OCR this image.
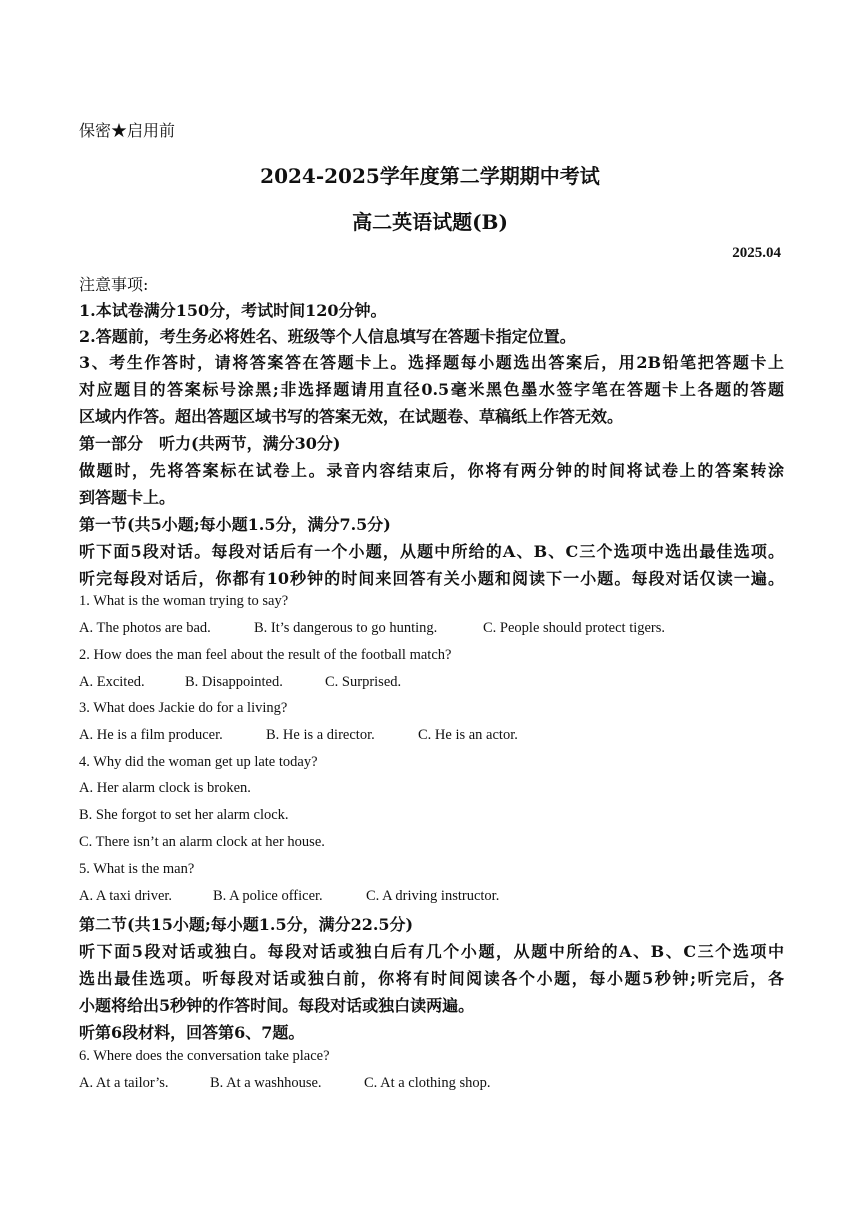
保密★启用前
2024-2025学年度第二学期期中考试
高二英语试题(B)
2025.04
注意事项:
1.本试卷满分150分，考试时间120分钟。
2.答题前，考生务必将姓名、班级等个人信息填写在答题卡指定位置。
3、考生作答时，请将答案答在答题卡上。选择题每小题选出答案后，用2B铅笔把答题卡上
对应题目的答案标号涂黑;非选择题请用直径0.5毫米黑色墨水签字笔在答题卡上各题的答题
区域内作答。超出答题区域书写的答案无效，在试题卷、草稿纸上作答无效。
第一部分　听力(共两节，满分30分)
做题时，先将答案标在试卷上。录音内容结束后，你将有两分钟的时间将试卷上的答案转涂
到答题卡上。
第一节(共5小题;每小题1.5分，满分7.5分)
听下面5段对话。每段对话后有一个小题，从题中所给的A、B、C三个选项中选出最佳选项。
听完每段对话后，你都有10秒钟的时间来回答有关小题和阅读下一小题。每段对话仅读一遍。
1. What is the woman trying to say?
A. The photos are bad.	B. It’s dangerous to go hunting.	C. People should protect tigers.
2. How does the man feel about the result of the football match?
A. Excited.	B. Disappointed.	C. Surprised.
3. What does Jackie do for a living?
A. He is a film producer.	B. He is a director.	C. He is an actor.
4. Why did the woman get up late today?
A. Her alarm clock is broken.
B. She forgot to set her alarm clock.
C. There isn’t an alarm clock at her house.
5. What is the man?
A. A taxi driver.	B. A police officer.	C. A driving instructor.
第二节(共15小题;每小题1.5分，满分22.5分)
听下面5段对话或独白。每段对话或独白后有几个小题，从题中所给的A、B、C三个选项中
选出最佳选项。听每段对话或独白前，你将有时间阅读各个小题，每小题5秒钟;听完后，各
小题将给出5秒钟的作答时间。每段对话或独白读两遍。
听第6段材料，回答第6、7题。
6. Where does the conversation take place?
A. At a tailor’s.	B. At a washhouse.	C. At a clothing shop.
